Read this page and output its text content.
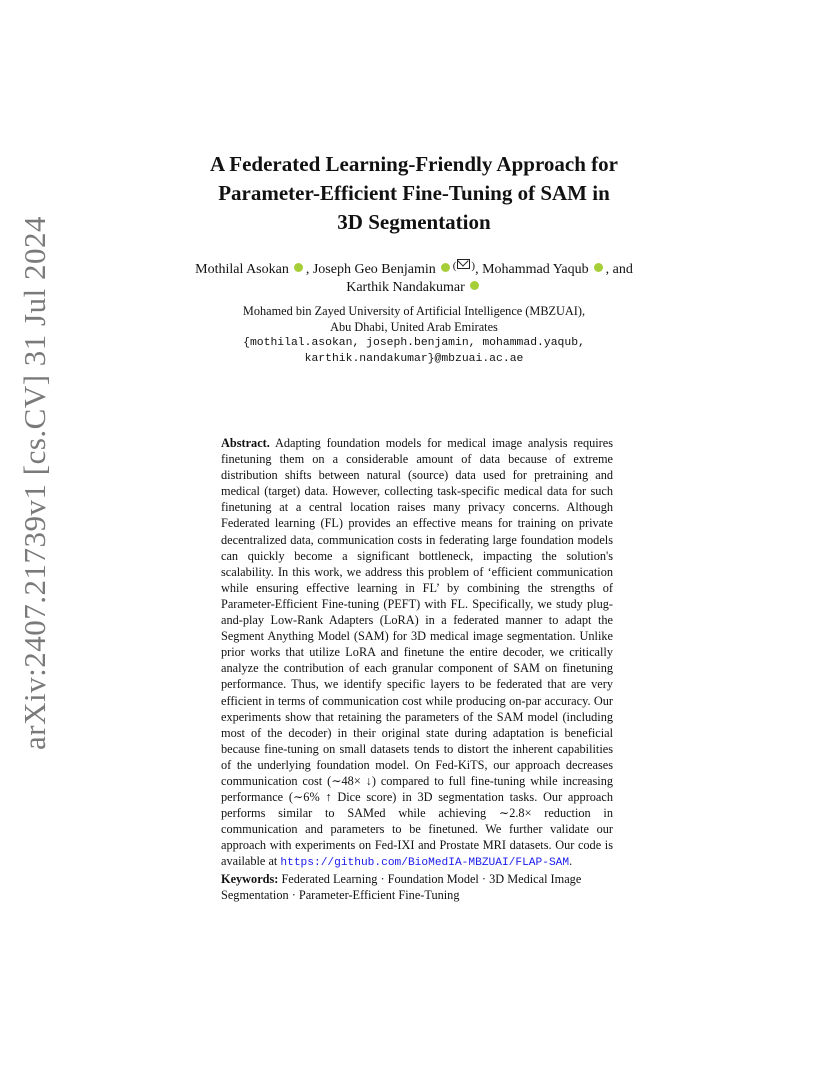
arXiv:2407.21739v1 [cs.CV] 31 Jul 2024
A Federated Learning-Friendly Approach for
Parameter-Efficient Fine-Tuning of SAM in
3D Segmentation
Mothilal Asokan , Joseph Geo Benjamin ( ), Mohammad Yaqub , and
Karthik Nandakumar
Mohamed bin Zayed University of Artificial Intelligence (MBZUAI),
Abu Dhabi, United Arab Emirates
{mothilal.asokan, joseph.benjamin, mohammad.yaqub,
karthik.nandakumar}@mbzuai.ac.ae

Abstract. Adapting foundation models for medical image analysis requires finetuning them on a considerable amount of data because of extreme distribution shifts between natural (source) data used for pretraining and medical (target) data. However, collecting task-specific medical data for such finetuning at a central location raises many privacy concerns. Although Federated learning (FL) provides an effective means for training on private decentralized data, communication costs in federating large foundation models can quickly become a significant bottleneck, impacting the solution's scalability. In this work, we address this problem of ‘efficient communication while ensuring effective learning in FL’ by combining the strengths of Parameter-Efficient Fine-tuning (PEFT) with FL. Specifically, we study plug-and-play Low-Rank Adapters (LoRA) in a federated manner to adapt the Segment Anything Model (SAM) for 3D medical image segmentation. Unlike prior works that utilize LoRA and finetune the entire decoder, we critically analyze the contribution of each granular component of SAM on finetuning performance. Thus, we identify specific layers to be federated that are very efficient in terms of communication cost while producing on-par accuracy. Our experiments show that retaining the parameters of the SAM model (including most of the decoder) in their original state during adaptation is beneficial because fine-tuning on small datasets tends to distort the inherent capabilities of the underlying foundation model. On Fed-KiTS, our approach decreases communication cost (∼48× ↓) compared to full fine-tuning while increasing performance (∼6% ↑ Dice score) in 3D segmentation tasks. Our approach performs similar to SAMed while achieving ∼2.8× reduction in communication and parameters to be finetuned. We further validate our approach with experiments on Fed-IXI and Prostate MRI datasets. Our code is available at https://github.com/BioMedIA-MBZUAI/FLAP-SAM.

Keywords: Federated Learning · Foundation Model · 3D Medical Image Segmentation · Parameter-Efficient Fine-Tuning
